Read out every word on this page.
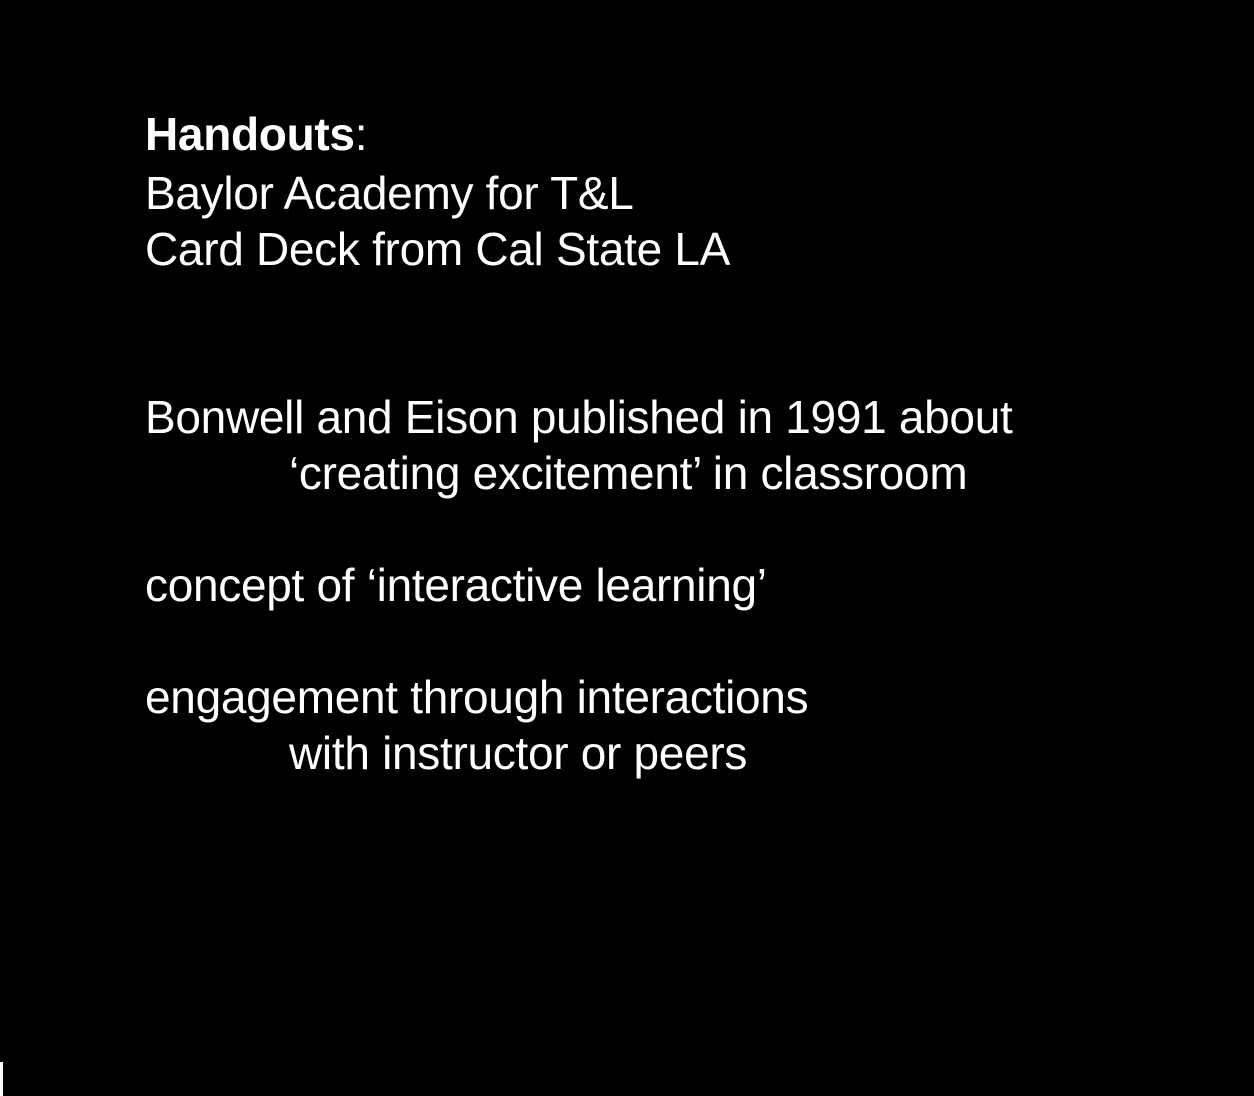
Handouts:
Baylor Academy for T&L
Card Deck from Cal State LA
Bonwell and Eison published in 1991 about
‘creating excitement’ in classroom
concept of ‘interactive learning’
engagement through interactions
with instructor or peers
